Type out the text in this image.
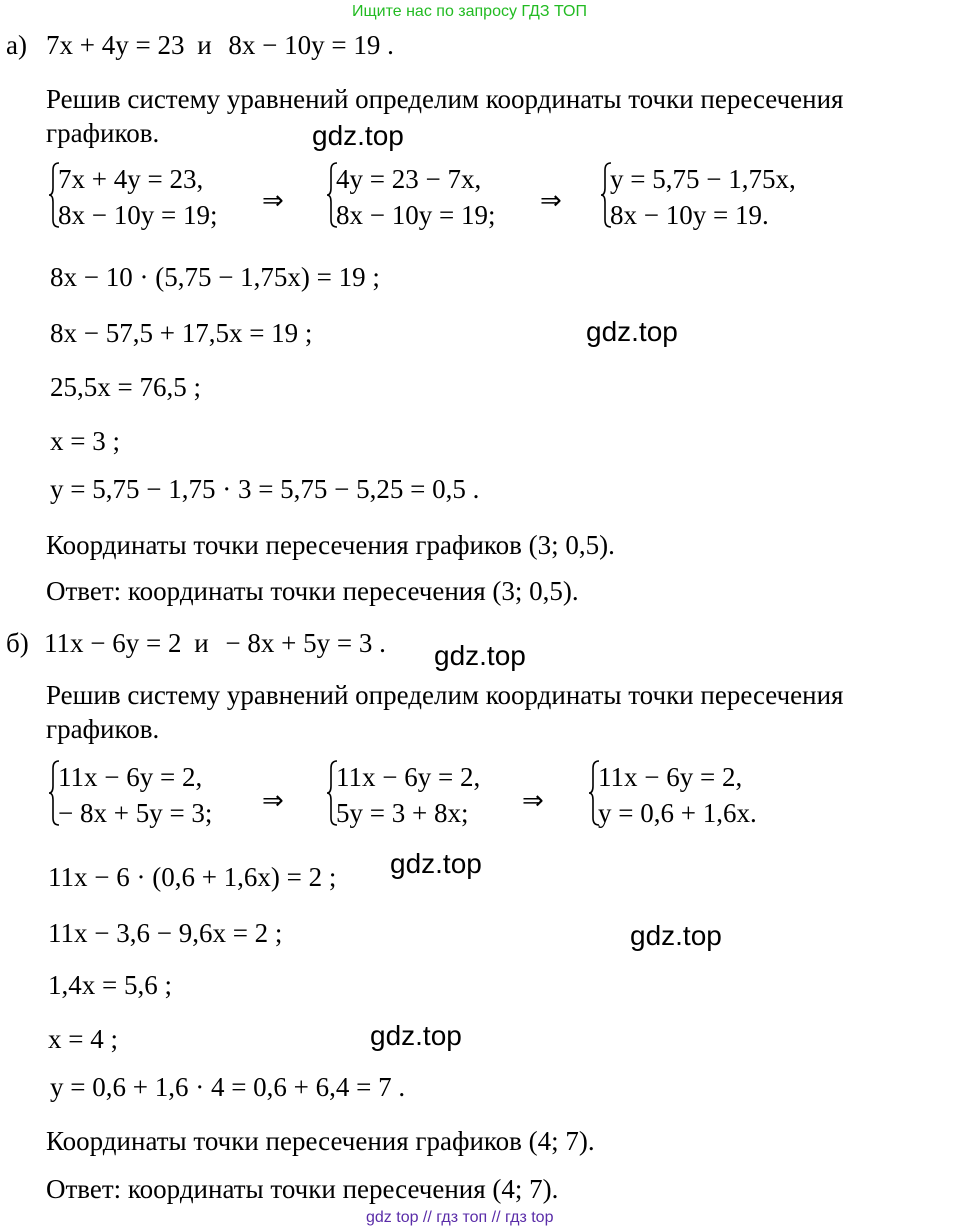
Ищите нас по запросу ГДЗ ТОП
а) 7x + 4y = 23 и 8x − 10y = 19 .
Решив систему уравнений определим координаты точки пересечения
графиков.	gdz.top
7x + 4y = 23,
8x − 10y = 19; ⇒
4y = 23 − 7x,
8x − 10y = 19; ⇒
y = 5,75 − 1,75x,
8x − 10y = 19.
8x − 10 · (5,75 − 1,75x) = 19 ;
8x − 57,5 + 17,5x = 19 ;	gdz.top
25,5x = 76,5 ;
x = 3 ;
y = 5,75 − 1,75 · 3 = 5,75 − 5,25 = 0,5 .
Координаты точки пересечения графиков (3; 0,5).
Ответ: координаты точки пересечения (3; 0,5).
б) 11x − 6y = 2 и − 8x + 5y = 3 . gdz.top
Решив систему уравнений определим координаты точки пересечения
графиков.
11x − 6y = 2,
− 8x + 5y = 3; ⇒
11x − 6y = 2,
5y = 3 + 8x; ⇒
11x − 6y = 2,
y = 0,6 + 1,6x.
11x − 6 · (0,6 + 1,6x) = 2 ; gdz.top
11x − 3,6 − 9,6x = 2 ;	gdz.top
1,4x = 5,6 ;
x = 4 ;	gdz.top
y = 0,6 + 1,6 · 4 = 0,6 + 6,4 = 7 .
Координаты точки пересечения графиков (4; 7).
Ответ: координаты точки пересечения (4; 7).
gdz top // гдз топ // гдз top
